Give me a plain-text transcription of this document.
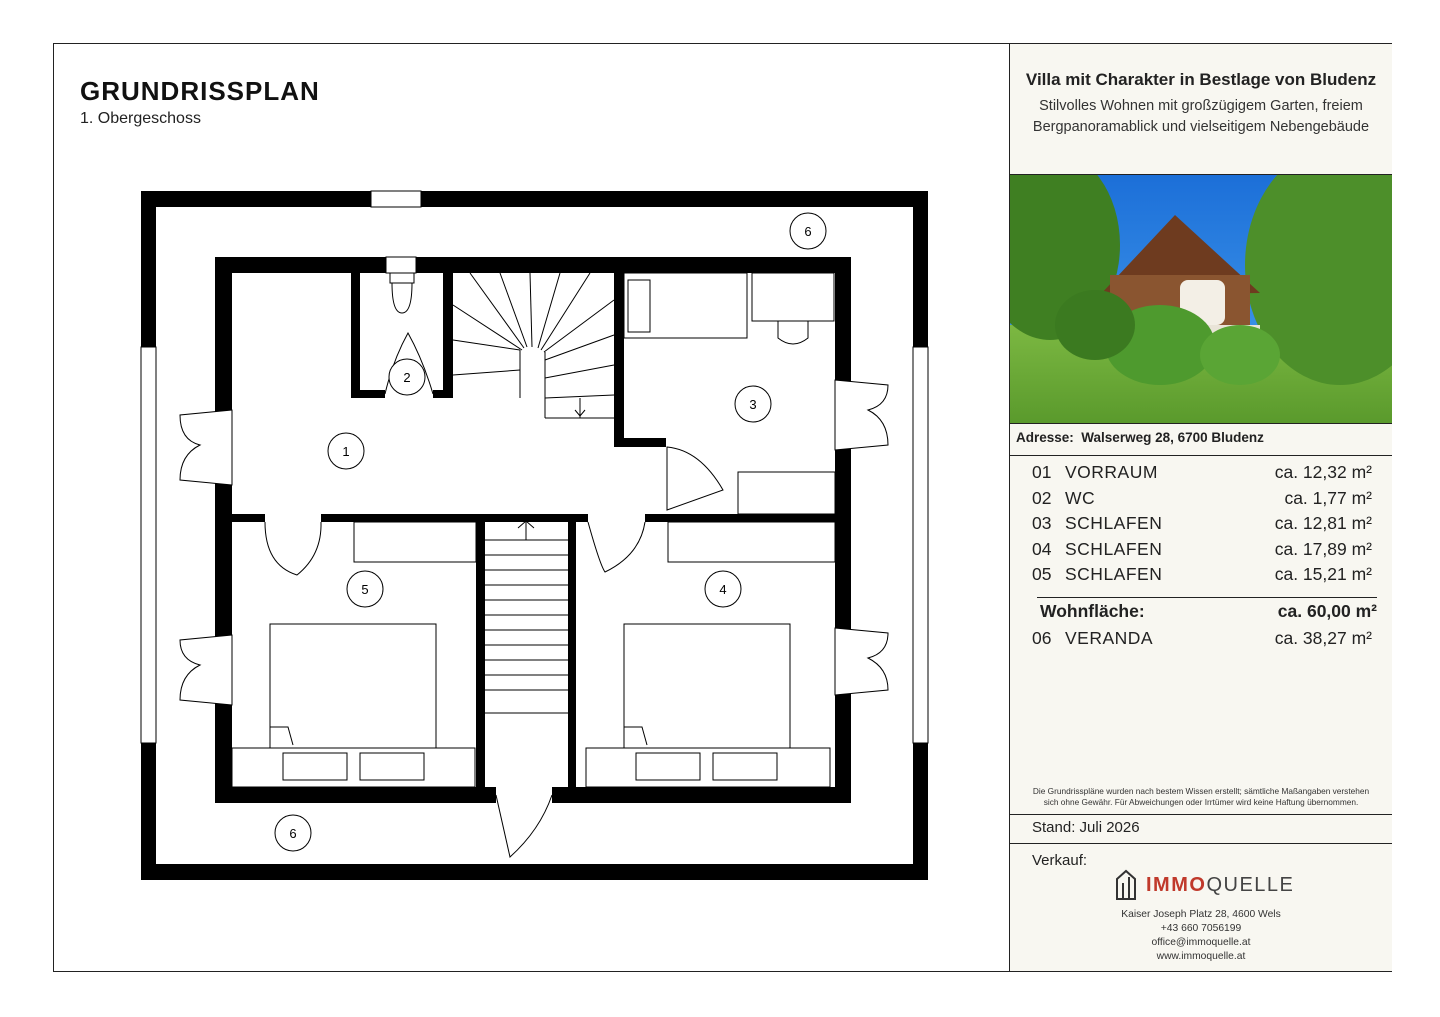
GRUNDRISSPLAN
1. Obergeschoss
1
2
3
4
5
6
6
Villa mit Charakter in Bestlage von Bludenz
Stilvolles Wohnen mit großzügigem Garten, freiem
Bergpanoramablick und vielseitigem Nebengebäude
Adresse: Walserweg 28, 6700 Bludenz
01 VORRAUM	ca. 12,32 m²
02 WC	ca. 1,77 m²
03 SCHLAFEN	ca. 12,81 m²
04 SCHLAFEN	ca. 17,89 m²
05 SCHLAFEN	ca. 15,21 m²
Wohnfläche:	ca. 60,00 m²
06 VERANDA	ca. 38,27 m²
Die Grundrisspläne wurden nach bestem Wissen erstellt; sämtliche Maßangaben verstehen
sich ohne Gewähr. Für Abweichungen oder Irrtümer wird keine Haftung übernommen.
Stand: Juli 2026
Verkauf:
IMMOQUELLE
Kaiser Joseph Platz 28, 4600 Wels
+43 660 7056199
office@immoquelle.at
www.immoquelle.at
